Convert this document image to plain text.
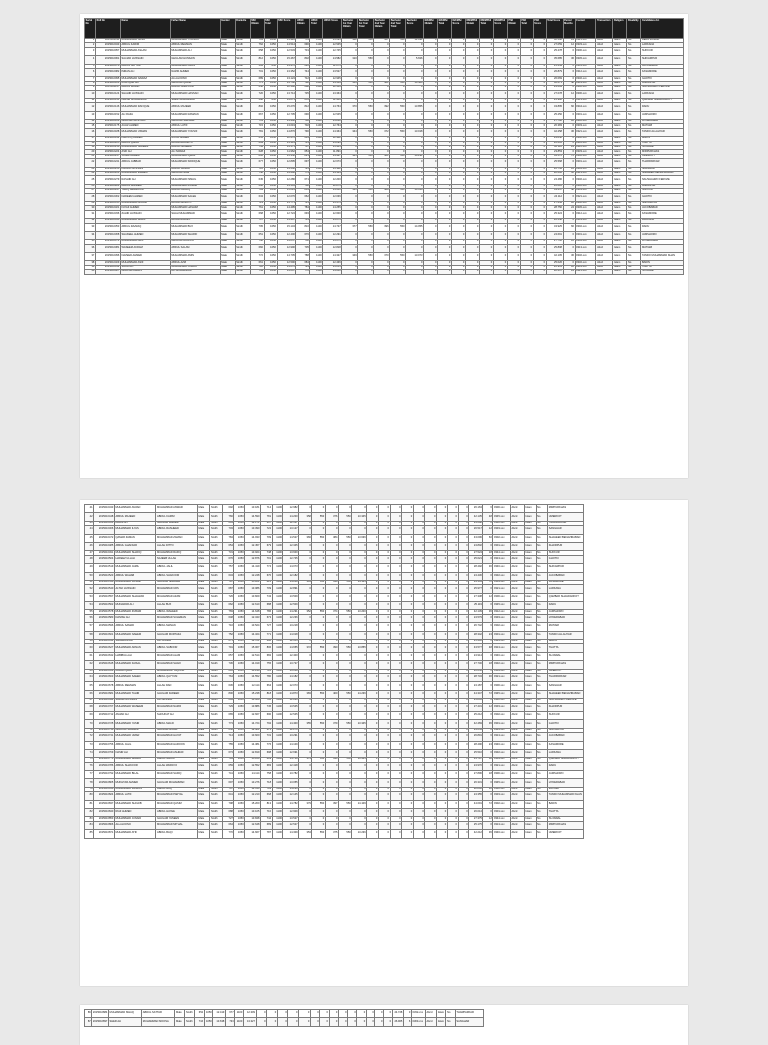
Serial No	Roll No	Name	Father Name	Gender	Domicile	SSC Obtain	SSC Total	SSC Score	HSSC Obtain	HSSC Total	HSSC Score	Bachelor 1st Year Obtain	Bachelor 1st Year Total	Bachelor 2nd Year Obtain	Bachelor 2nd Year Total	Bachelor Score	MA/MSc Obtain	MA/MSc Total	MA/MSc Score	MS/MPhil Obtain	MS/MPhil Total	MS/MPhil Score	PhD Obtain	PhD Total	PhD Score	Total Score	Period Months	Contact	Transaction	Religion	Disability	Candidates Ad.
1	2015010011	MUHAMMAD SAJID	MUHAMMAD YOUNAS	Male	Sindh	731	1050	13.926	753	1100	13.691	342	550	367	550	12.891	0	0	0	0	0	0	0	0	0	40.508	24	0321-xxx	Abcd	Islam	No	DERA MURAD
2	2015010043	ABDUL KARIM	ABDUL REHMAN	Male	Sindh	762	1050	14.514	690	1100	12.545	0	0	0	0	0	0	0	0	0	0	0	0	0	0	27.059	12	0333-xxx	Abcd	Islam	No	LARKANA
3	2015010057	MUHAMMAD ASLAM	MUHAMMAD ALI	Male	Sindh	658	1050	12.533	701	1100	12.745	0	0	0	0	0	0	0	0	0	0	0	0	0	0	25.278	0	0300-xxx	Abcd	Islam	No	SUKKUR
4	2015010061	SAJJAD HUSSAIN	GHULAM HUSSAIN	Male	Sindh	812	1050	15.467	802	1100	14.582	310	550	0	0	5.636	0	0	0	0	0	0	0	0	0	35.685	36	0345-xxx	Abcd	Islam	No	SHIKARPUR
5	2015010078	ABDUL SATTAR	MUHAMMAD KHAN	Male	Sindh	594	850	13.976	620	1100	11.273	0	0	0	0	0	0	0	0	0	0	0	0	0	0	25.249	0	0301-xxx	Abcd	Islam	No	JACOBABAD
6	2015010082	IMRAN ALI	NAZIR AHMED	Male	Sindh	701	1050	13.352	744	1100	13.527	0	0	0	0	0	0	0	0	0	0	0	0	0	0	26.879	6	0312-xxx	Abcd	Islam	No	KASHMORE
7	2015010095	MUHAMMAD NAWAZ	ALLAH DINO	Male	Sindh	689	1050	13.124	712	1100	12.945	0	0	0	0	0	0	0	0	0	0	0	0	0	0	26.069	0	0346-xxx	Abcd	Islam	No	GHOTKI
8	2015010103	ZULFIQAR ALI	GHULAM QADIR	Male	Sindh	775	1050	14.762	798	1100	14.509	356	550	381	550	13.400	0	0	0	0	0	0	0	0	0	42.671	48	0333-xxx	Abcd	Islam	No	KHAIRPUR
9	2015010117	ABDUL WAHID	ABDUL GHAFOOR	Male	Sindh	640	1050	12.190	688	1100	12.509	0	0	0	0	0	0	0	0	0	0	0	0	0	0	24.699	0	0302-xxx	Abcd	Islam	No	NAUSHAHRO FEROZE
10	2015010124	SHAHID HUSSAIN	MUHAMMAD HASSAN	Male	Sindh	720	1050	13.714	735	1100	13.364	0	0	0	0	0	0	0	0	0	0	0	0	0	0	27.078	12	0300-xxx	Abcd	Islam	No	LARKANA
11	2015010131	NAZAR MUHAMMAD	SHER MUHAMMAD	Male	Sindh	598	850	14.071	655	1100	11.909	0	0	0	0	0	0	0	0	0	0	0	0	0	0	25.980	0	0313-xxx	Abcd	Islam	No	QAMBAR SHAHDADKOT
12	2015010146	MUHAMMAD RAFIQUE	ABDUL MAJEED	Male	Sindh	802	1050	15.276	812	1100	14.764	370	550	392	550	13.855	0	0	0	0	0	0	0	0	0	43.895	60	0344-xxx	Abcd	Islam	No	DADU
13	2015010152	ALI RAZA	MUHAMMAD RAMZAN	Male	Sindh	667	1050	12.705	690	1100	12.545	0	0	0	0	0	0	0	0	0	0	0	0	0	0	25.250	0	0301-xxx	Abcd	Islam	No	JAMSHORO
14	2015010169	GHULAM MUSTAFA	GHULAM SARWAR	Male	Sindh	733	1050	13.962	760	1100	13.818	0	0	0	0	0	0	0	0	0	0	0	0	0	0	27.780	18	0332-xxx	Abcd	Islam	No	HYDERABAD
15	2015010175	AIJAZ AHMED	ABDUL LATIF	Male	Sindh	715	1050	13.619	702	1100	12.764	0	0	0	0	0	0	0	0	0	0	0	0	0	0	26.383	0	0303-xxx	Abcd	Islam	No	MATIARI
16	2015010188	MUHAMMAD USMAN	MUHAMMAD YOUSIF	Male	Sindh	781	1050	14.876	790	1100	14.364	344	550	372	550	13.018	0	0	0	0	0	0	0	0	0	42.258	36	0321-xxx	Abcd	Islam	No	TANDO ALLAHYAR
17	2015010192	FAROOQ AHMED	NOOR AHMED	Male	Sindh	655	1050	12.476	681	1100	12.382	0	0	0	0	0	0	0	0	0	0	0	0	0	0	24.858	0	0300-xxx	Abcd	Islam	No	BADIN
18	2015010205	ABDUL QADIR	ALLAH BACHAYO	Male	Sindh	699	1050	13.314	731	1100	13.291	0	0	0	0	0	0	0	0	0	0	0	0	0	0	26.605	6	0345-xxx	Abcd	Islam	No	THATTA
19	2015010218	MUHAMMAD SALEEM	ABDUL HAMEED	Male	Sindh	744	1050	14.171	767	1100	13.945	0	0	0	0	0	0	0	0	0	0	0	0	0	0	28.116	24	0312-xxx	Abcd	Islam	No	SUJAWAL
20	2015010224	ASIF ALI	ALI NAWAZ	Male	Sindh	628	1050	11.962	654	1100	11.891	0	0	0	0	0	0	0	0	0	0	0	0	0	0	23.853	0	0333-xxx	Abcd	Islam	No	MIRPURKHAS
21	2015010237	JAVED AHMED	MUHAMMAD IQBAL	Male	Sindh	806	1050	15.352	821	1100	14.927	385	550	401	550	14.291	0	0	0	0	0	0	0	0	0	44.570	72	0302-xxx	Abcd	Islam	No	UMERKOT
22	2015010241	ABDUL JABBAR	MUHAMMAD SIDDIQUE	Male	Sindh	677	1050	12.895	697	1100	12.673	0	0	0	0	0	0	0	0	0	0	0	0	0	0	25.568	0	0301-xxx	Abcd	Islam	No	THARPARKAR
23	2015010256	KHALID HUSSAIN	ABDUL SAMAD	Male	Sindh	712	1050	13.562	725	1100	13.182	0	0	0	0	0	0	0	0	0	0	0	0	0	0	26.744	12	0344-xxx	Abcd	Islam	No	SANGHAR
24	2015010263	MUHAMMAD IDREES	GHULAM NABI	Male	Sindh	758	1050	14.438	779	1100	14.164	0	0	0	0	0	0	0	0	0	0	0	0	0	0	28.602	30	0313-xxx	Abcd	Islam	No	SHAHEED BENAZIRABAD
25	2015010279	RASHID ALI	MUHAMMAD ISMAIL	Male	Sindh	645	1050	12.286	671	1100	12.200	0	0	0	0	0	0	0	0	0	0	0	0	0	0	24.486	0	0346-xxx	Abcd	Islam	No	NAUSHAHRO FEROZE
26	2015010284	ABDUL HAKEEM	MUHAMMAD MURAD	Male	Sindh	690	1050	13.143	708	1100	12.873	0	0	0	0	0	0	0	0	0	0	0	0	0	0	26.016	0	0332-xxx	Abcd	Islam	No	KHAIRPUR
27	2015010297	TARIQ MEHMOOD	ABDUL KHALIQ	Male	Sindh	789	1050	15.029	803	1100	14.600	361	550	388	550	13.618	0	0	0	0	0	0	0	0	0	43.247	48	0303-xxx	Abcd	Islam	No	SUKKUR
28	2015010302	NADEEM AHMED	MUHAMMAD SALEH	Male	Sindh	634	1050	12.076	662	1100	12.036	0	0	0	0	0	0	0	0	0	0	0	0	0	0	24.112	0	0321-xxx	Abcd	Islam	No	GHOTKI
29	2015010315	MUHAMMAD AKRAM	ALLAH WASAYO	Male	Sindh	723	1050	13.771	741	1100	13.473	0	0	0	0	0	0	0	0	0	0	0	0	0	0	27.244	18	0300-xxx	Abcd	Islam	No	SHIKARPUR
30	2015010321	FAYAZ AHMED	MUHAMMAD HASHIM	Male	Sindh	761	1050	14.495	784	1100	14.255	0	0	0	0	0	0	0	0	0	0	0	0	0	0	28.750	24	0345-xxx	Abcd	Islam	No	JACOBABAD
31	2015010336	ZAHID HUSSAIN	SHAH MUHAMMAD	Male	Sindh	668	1050	12.724	693	1100	12.600	0	0	0	0	0	0	0	0	0	0	0	0	0	0	25.324	0	0312-xxx	Abcd	Islam	No	KASHMORE
32	2015010340	MUHAMMAD HANIF	ALLAH RAKHIO	Male	Sindh	707	1050	13.467	719	1100	13.073	0	0	0	0	0	0	0	0	0	0	0	0	0	0	26.540	6	0333-xxx	Abcd	Islam	No	LARKANA
33	2015010353	ABDUL RAZZAQ	MUHAMMAD BUX	Male	Sindh	795	1050	15.143	810	1100	14.727	377	550	396	550	14.055	0	0	0	0	0	0	0	0	0	43.925	60	0302-xxx	Abcd	Islam	No	DADU
34	2015010368	SHAKEEL AHMED	MUHAMMAD SHARIF	Male	Sindh	651	1050	12.400	676	1100	12.291	0	0	0	0	0	0	0	0	0	0	0	0	0	0	24.691	0	0301-xxx	Abcd	Islam	No	JAMSHORO
35	2015010374	MUHAMMAD ARIF	GHULAM RASOOL	Male	Sindh	738	1050	14.057	752	1100	13.673	0	0	0	0	0	0	0	0	0	0	0	0	0	0	27.730	12	0344-xxx	Abcd	Islam	No	HYDERABAD
36	2015010381	WASEEM AKRAM	ABDUL SALAM	Male	Sindh	682	1050	12.990	705	1100	12.818	0	0	0	0	0	0	0	0	0	0	0	0	0	0	25.808	0	0313-xxx	Abcd	Islam	No	MATIARI
37	2015010396	NAVEED AHMED	MUHAMMAD AMIN	Male	Sindh	772	1050	14.705	788	1100	14.327	349	550	370	550	13.073	0	0	0	0	0	0	0	0	0	42.105	36	0346-xxx	Abcd	Islam	No	TANDO MUHAMMAD KHAN
38	2015010409	MUHAMMAD ASIF	ABDUL AZIZ	Male	Sindh	661	1050	12.590	684	1100	12.436	0	0	0	0	0	0	0	0	0	0	0	0	0	0	25.026	0	0332-xxx	Abcd	Islam	No	BADIN
39	2015010412	SAJID ALI	MUHAMMAD JUMAN	Male	Sindh	718	1050	13.676	729	1100	13.255	0	0	0	0	0	0	0	0	0	0	0	0	0	0	26.931	18	0303-xxx	Abcd	Islam	No	THATTA
40	2015010427	GHULAM ABBAS	ALI MUHAMMAD	Male	Sindh	749	1050	14.267	770	1100	14.000	0	0	0	0	0	0	0	0	0	0	0	0	0	0	28.267	24	0321-xxx	Abcd	Islam	No	SUJAWAL
41	2015010433	MUHAMMAD AMJAD	MUHAMMAD ANWAR	Male	Sindh	692	1050	13.181	714	1100	12.982	0	0	0	0	0	0	0	0	0	0	0	0	0	0	26.163	6	0300-xxx	Abcd	Islam	No	MIRPURKHAS
42	2015010448	ABDUL MAJEED	ABDUL KARIM	Male	Sindh	766	1050	14.590	781	1100	14.200	358	550	376	550	13.345	0	0	0	0	0	0	0	0	0	42.135	48	0345-xxx	Abcd	Islam	No	UMERKOT
43	2015010451	IRFAN ALI	GHULAM HAIDER	Male	Sindh	639	1050	12.171	667	1100	12.127	0	0	0	0	0	0	0	0	0	0	0	0	0	0	24.298	0	0312-xxx	Abcd	Islam	No	THARPARKAR
44	2015010466	MUHAMMAD ILYAS	ABDUL RASHEED	Male	Sindh	703	1050	13.390	722	1100	13.127	0	0	0	0	0	0	0	0	0	0	0	0	0	0	26.517	12	0333-xxx	Abcd	Islam	No	SANGHAR
45	2015010472	QAMAR ZAMAN	MUHAMMAD ZAMAN	Male	Sindh	784	1050	14.933	799	1100	14.527	366	550	384	550	13.636	0	0	0	0	0	0	0	0	0	43.096	60	0302-xxx	Abcd	Islam	No	SHAHEED BENAZIRABAD
46	2015010485	ABDUL GHAFFAR	ALLAH DITTO	Male	Sindh	654	1050	12.457	679	1100	12.345	0	0	0	0	0	0	0	0	0	0	0	0	0	0	24.802	0	0301-xxx	Abcd	Islam	No	KHAIRPUR
47	2015010491	MUHAMMAD SHAFIQ	MUHAMMAD RAFIQ	Male	Sindh	731	1050	13.924	748	1100	13.600	0	0	0	0	0	0	0	0	0	0	0	0	0	0	27.524	18	0344-xxx	Abcd	Islam	No	SUKKUR
48	2015010504	HAFEEZ ULLAH	NAJEEB ULLAH	Male	Sindh	676	1050	12.876	701	1100	12.745	0	0	0	0	0	0	0	0	0	0	0	0	0	0	25.621	0	0313-xxx	Abcd	Islam	No	GHOTKI
49	2015010519	MUHAMMAD JAMIL	ABDUL JALIL	Male	Sindh	757	1050	14.419	774	1100	14.073	0	0	0	0	0	0	0	0	0	0	0	0	0	0	28.492	30	0346-xxx	Abcd	Islam	No	SHIKARPUR
50	2015010523	ABDUL WAHAB	ABDUL SHAKOOR	Male	Sindh	643	1050	12.248	670	1100	12.182	0	0	0	0	0	0	0	0	0	0	0	0	0	0	24.430	0	0332-xxx	Abcd	Islam	No	JACOBABAD
51	2015010538	MUHAMMAD KASHIF	GHULAM SHABBIR	Male	Sindh	797	1050	15.181	815	1100	14.818	381	550	398	550	14.164	0	0	0	0	0	0	0	0	0	44.163	72	0303-xxx	Abcd	Islam	No	KASHMORE
52	2015010540	ALTAF HUSSAIN	MUHAMMAD URS	Male	Sindh	687	1050	13.086	709	1100	12.891	0	0	0	0	0	0	0	0	0	0	0	0	0	0	25.977	0	0321-xxx	Abcd	Islam	No	LARKANA
53	2015010557	MUHAMMAD SHAHZAD	MUHAMMAD AZAM	Male	Sindh	726	1050	13.829	743	1100	13.509	0	0	0	0	0	0	0	0	0	0	0	0	0	0	27.338	12	0300-xxx	Abcd	Islam	No	QAMBAR SHAHDADKOT
54	2015010562	MUNAWAR ALI	ALLAH BUX	Male	Sindh	662	1050	12.610	688	1100	12.509	0	0	0	0	0	0	0	0	0	0	0	0	0	0	25.119	0	0345-xxx	Abcd	Islam	No	DADU
55	2015010578	MUHAMMAD ZUBAIR	ABDUL WAHEED	Male	Sindh	769	1050	14.648	786	1100	14.291	352	550	374	550	13.200	0	0	0	0	0	0	0	0	0	42.139	36	0312-xxx	Abcd	Islam	No	JAMSHORO
56	2015010583	DANISH ALI	MUHAMMAD SULEMAN	Male	Sindh	648	1050	12.343	673	1100	12.236	0	0	0	0	0	0	0	0	0	0	0	0	0	0	24.579	0	0333-xxx	Abcd	Islam	No	HYDERABAD
57	2015010596	ABDUL SAMAD	ABDUL MANAN	Male	Sindh	710	1050	13.524	727	1100	13.218	0	0	0	0	0	0	0	0	0	0	0	0	0	0	26.742	6	0302-xxx	Abcd	Islam	No	MATIARI
58	2015010601	MUHAMMAD NAEEM	GHULAM MURTAZA	Male	Sindh	752	1050	14.324	771	1100	14.018	0	0	0	0	0	0	0	0	0	0	0	0	0	0	28.342	24	0301-xxx	Abcd	Islam	No	TANDO ALLAHYAR
59	2015010614	SHAHZAIB ALI	ALI GOHAR	Male	Sindh	671	1050	12.781	696	1100	12.655	0	0	0	0	0	0	0	0	0	0	0	0	0	0	25.436	0	0344-xxx	Abcd	Islam	No	BADIN
60	2015010627	MUHAMMAD ADNAN	ABDUL SABOOR	Male	Sindh	791	1050	15.067	806	1100	14.655	372	550	390	550	13.855	0	0	0	0	0	0	0	0	0	43.577	48	0313-xxx	Abcd	Islam	No	THATTA
61	2015010632	HABIBULLAH	MUHAMMAD ALAM	Male	Sindh	657	1050	12.514	682	1100	12.400	0	0	0	0	0	0	0	0	0	0	0	0	0	0	24.914	0	0346-xxx	Abcd	Islam	No	SUJAWAL
62	2015010645	MUHAMMAD FAISAL	MUHAMMAD SHAFI	Male	Sindh	736	1050	14.019	755	1100	13.727	0	0	0	0	0	0	0	0	0	0	0	0	0	0	27.746	18	0332-xxx	Abcd	Islam	No	MIRPURKHAS
63	2015010659	ZAFAR IQBAL	MUHAMMAD YAQOOB	Male	Sindh	695	1050	13.238	716	1100	13.018	0	0	0	0	0	0	0	0	0	0	0	0	0	0	26.256	0	0303-xxx	Abcd	Islam	No	UMERKOT
64	2015010663	MUHAMMAD SAEED	ABDUL QAYYUM	Male	Sindh	764	1050	14.552	780	1100	14.182	0	0	0	0	0	0	0	0	0	0	0	0	0	0	28.734	30	0321-xxx	Abcd	Islam	No	THARPARKAR
65	2015010678	ABDUL REHMAN	ALLAH DAD	Male	Sindh	636	1050	12.114	664	1100	12.073	0	0	0	0	0	0	0	0	0	0	0	0	0	0	24.187	0	0300-xxx	Abcd	Islam	No	SANGHAR
66	2015010681	MUHAMMAD TAHIR	GHULAM FAREED	Male	Sindh	800	1050	15.238	818	1100	14.873	383	550	400	550	14.236	0	0	0	0	0	0	0	0	0	44.347	72	0345-xxx	Abcd	Islam	No	SHAHEED BENAZIRABAD
67	2015010694	SADAM HUSSAIN	ALI HASSAN	Male	Sindh	684	1050	13.029	706	1100	12.836	0	0	0	0	0	0	0	0	0	0	0	0	0	0	25.865	0	0312-xxx	Abcd	Islam	No	NAUSHAHRO FEROZE
68	2015010707	MUHAMMAD WASEEM	MUHAMMAD NAZIR	Male	Sindh	729	1050	13.886	745	1100	13.545	0	0	0	0	0	0	0	0	0	0	0	0	0	0	27.431	12	0333-xxx	Abcd	Islam	No	KHAIRPUR
69	2015010712	AMJAD ALI	SHOUKAT ALI	Male	Sindh	665	1050	12.667	690	1100	12.545	0	0	0	0	0	0	0	0	0	0	0	0	0	0	25.212	0	0302-xxx	Abcd	Islam	No	SUKKUR
70	2015010725	MUHAMMAD YASIR	ABDUL MALIK	Male	Sindh	773	1050	14.724	792	1100	14.400	355	550	379	550	13.345	0	0	0	0	0	0	0	0	0	42.469	36	0301-xxx	Abcd	Islam	No	GHOTKI
71	2015010738	GHULAM SHABBIR	GHULAM AKBAR	Male	Sindh	650	1050	12.381	675	1100	12.273	0	0	0	0	0	0	0	0	0	0	0	0	0	0	24.654	0	0344-xxx	Abcd	Islam	No	SHIKARPUR
72	2015010741	MUHAMMAD UMAR	MUHAMMAD HAYAT	Male	Sindh	714	1050	13.600	731	1100	13.291	0	0	0	0	0	0	0	0	0	0	0	0	0	0	26.891	6	0313-xxx	Abcd	Islam	No	JACOBABAD
73	2015010756	ABDUL JALIL	MUHAMMAD HAROON	Male	Sindh	755	1050	14.381	776	1100	14.109	0	0	0	0	0	0	0	0	0	0	0	0	0	0	28.490	24	0346-xxx	Abcd	Islam	No	KASHMORE
74	2015010769	NASIR ALI	MUHAMMAD ASHRAF	Male	Sindh	673	1050	12.819	698	1100	12.691	0	0	0	0	0	0	0	0	0	0	0	0	0	0	25.510	0	0332-xxx	Abcd	Islam	No	LARKANA
75	2015010773	MUHAMMAD HAMZA	ABDUL GHANI	Male	Sindh	794	1050	15.124	809	1100	14.709	374	550	394	550	13.964	0	0	0	0	0	0	0	0	0	43.797	60	0303-xxx	Abcd	Islam	No	QAMBAR SHAHDADKOT
76	2015010786	ABDUL SHAKOOR	ALLAH WARAYO	Male	Sindh	659	1050	12.552	683	1100	12.418	0	0	0	0	0	0	0	0	0	0	0	0	0	0	24.970	0	0321-xxx	Abcd	Islam	No	DADU
77	2015010792	MUHAMMAD BILAL	MUHAMMAD SADIQ	Male	Sindh	741	1050	14.114	758	1100	13.782	0	0	0	0	0	0	0	0	0	0	0	0	0	0	27.896	18	0300-xxx	Abcd	Islam	No	JAMSHORO
78	2015010805	MUKHTAR AHMED	GHULAM MUHAMMAD	Male	Sindh	697	1050	13.276	718	1100	13.055	0	0	0	0	0	0	0	0	0	0	0	0	0	0	26.331	0	0345-xxx	Abcd	Islam	No	HYDERABAD
79	2015010818	MUHAMMAD RIZWAN	ABDUL HAQ	Male	Sindh	767	1050	14.610	783	1100	14.236	0	0	0	0	0	0	0	0	0	0	0	0	0	0	28.846	30	0312-xxx	Abcd	Islam	No	MATIARI
80	2015010824	ABDUL LATIF	MUHAMMAD PARYAL	Male	Sindh	641	1050	12.210	668	1100	12.145	0	0	0	0	0	0	0	0	0	0	0	0	0	0	24.355	0	0333-xxx	Abcd	Islam	No	TANDO MUHAMMAD KHAN
81	2015010837	MUHAMMAD SHOAIB	MUHAMMAD QASIM	Male	Sindh	798	1050	15.200	813	1100	14.782	379	550	397	550	14.109	0	0	0	0	0	0	0	0	0	44.091	72	0302-xxx	Abcd	Islam	No	BADIN
82	2015010840	RIAZ AHMED	ABDUL HAYEE	Male	Sindh	688	1050	13.105	710	1100	12.909	0	0	0	0	0	0	0	0	0	0	0	0	0	0	26.014	0	0301-xxx	Abcd	Islam	No	THATTA
83	2015010853	MUHAMMAD JUNAID	GHULAM YASEEN	Male	Sindh	727	1050	13.848	744	1100	13.527	0	0	0	0	0	0	0	0	0	0	0	0	0	0	27.375	12	0344-xxx	Abcd	Islam	No	SUJAWAL
84	2015010866	ALLAH DINO	MUHAMMAD MITHAL	Male	Sindh	664	1050	12.648	689	1100	12.527	0	0	0	0	0	0	0	0	0	0	0	0	0	0	25.175	0	0313-xxx	Abcd	Islam	No	MIRPURKHAS
85	2015010871	MUHAMMAD ATIF	ABDUL BAQI	Male	Sindh	770	1050	14.667	787	1100	14.309	353	550	375	550	13.236	0	0	0	0	0	0	0	0	0	42.212	36	0346-xxx	Abcd	Islam	No	UMERKOT
86	2015010884	MUHAMMAD ISHAQ	ABDUL SATTAR	Male	Sindh	652	1050	12.419	677	1100	12.309	0	0	0	0	0	0	0	0	0	0	0	0	0	0	24.728	0	0332-xxx	Abcd	Islam	No	THARPARKAR
87	2015010897	SHER ALI	MUHAMMAD MOOSA	Male	Sindh	716	1050	13.638	733	1100	13.327	0	0	0	0	0	0	0	0	0	0	0	0	0	0	26.965	6	0303-xxx	Abcd	Islam	No	SANGHAR
